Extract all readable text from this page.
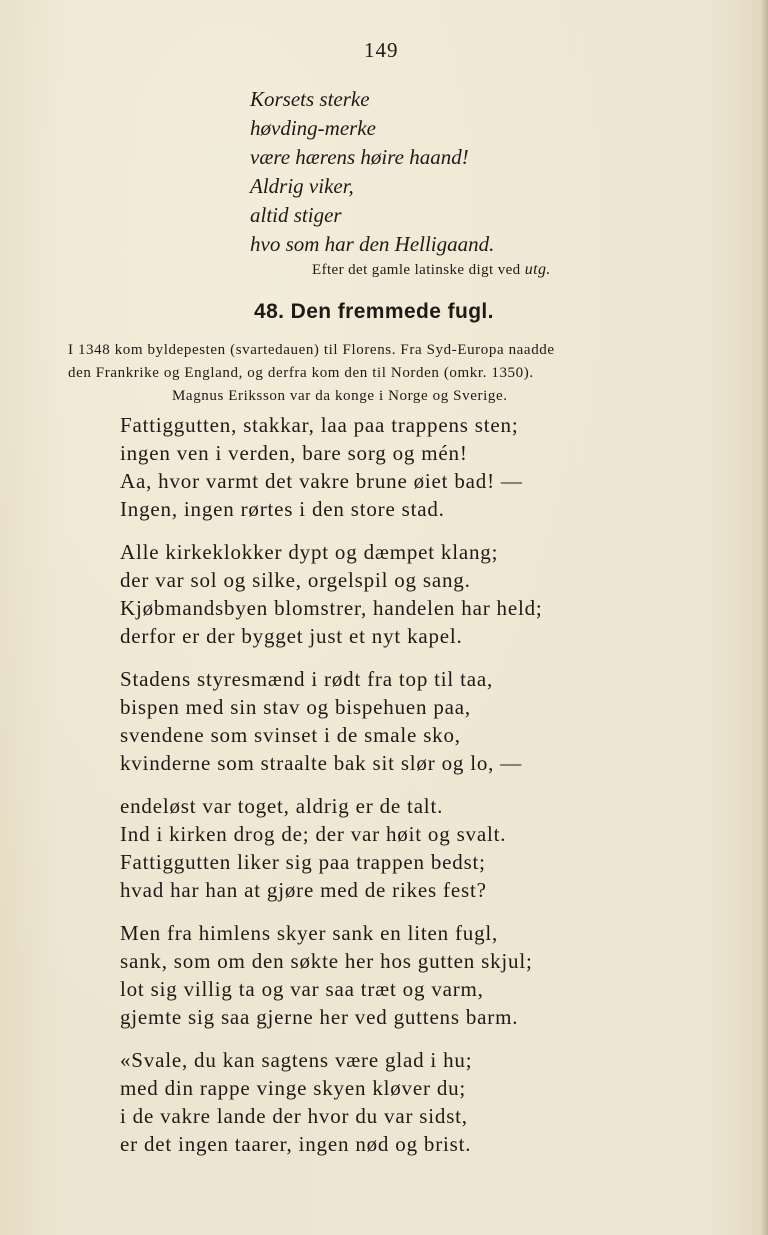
149
Korsets sterke
høvding-merke
være hærens høire haand!
Aldrig viker,
altid stiger
hvo som har den Helligaand.
Efter det gamle latinske digt ved utg.
48. Den fremmede fugl.
I 1348 kom byldepesten (svartedauen) til Florens. Fra Syd-Europa naadde
den Frankrike og England, og derfra kom den til Norden (omkr. 1350).
Magnus Eriksson var da konge i Norge og Sverige.
Fattiggutten, stakkar, laa paa trappens sten;
ingen ven i verden, bare sorg og mén!
Aa, hvor varmt det vakre brune øiet bad! —
Ingen, ingen rørtes i den store stad.
Alle kirkeklokker dypt og dæmpet klang;
der var sol og silke, orgelspil og sang.
Kjøbmandsbyen blomstrer, handelen har held;
derfor er der bygget just et nyt kapel.
Stadens styresmænd i rødt fra top til taa,
bispen med sin stav og bispehuen paa,
svendene som svinset i de smale sko,
kvinderne som straalte bak sit slør og lo, —
endeløst var toget, aldrig er de talt.
Ind i kirken drog de; der var høit og svalt.
Fattiggutten liker sig paa trappen bedst;
hvad har han at gjøre med de rikes fest?
Men fra himlens skyer sank en liten fugl,
sank, som om den søkte her hos gutten skjul;
lot sig villig ta og var saa træt og varm,
gjemte sig saa gjerne her ved guttens barm.
«Svale, du kan sagtens være glad i hu;
med din rappe vinge skyen kløver du;
i de vakre lande der hvor du var sidst,
er det ingen taarer, ingen nød og brist.
